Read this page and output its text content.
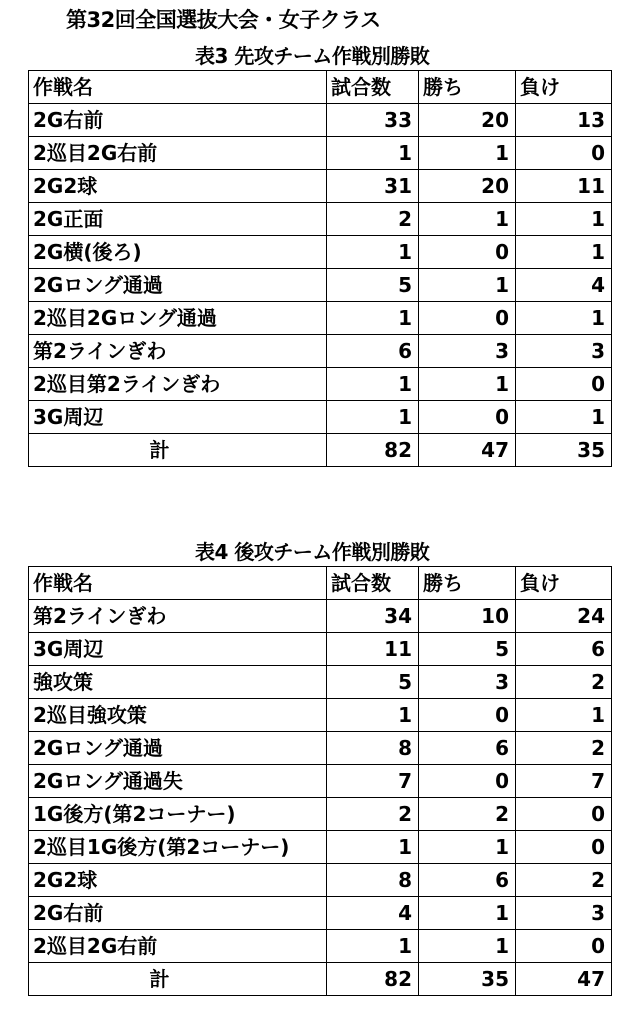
第32回全国選抜大会・女子クラス
表3 先攻チーム作戦別勝敗
作戦名	試合数	勝ち	負け
2G右前	33	20	13
2巡目2G右前	1	1	0
2G2球	31	20	11
2G正面	2	1	1
2G横(後ろ)	1	0	1
2Gロング通過	5	1	4
2巡目2Gロング通過	1	0	1
第2ラインぎわ	6	3	3
2巡目第2ラインぎわ	1	1	0
3G周辺	1	0	1
計	82	47	35
表4 後攻チーム作戦別勝敗
作戦名	試合数	勝ち	負け
第2ラインぎわ	34	10	24
3G周辺	11	5	6
強攻策	5	3	2
2巡目強攻策	1	0	1
2Gロング通過	8	6	2
2Gロング通過失	7	0	7
1G後方(第2コーナー)	2	2	0
2巡目1G後方(第2コーナー)	1	1	0
2G2球	8	6	2
2G右前	4	1	3
2巡目2G右前	1	1	0
計	82	35	47
